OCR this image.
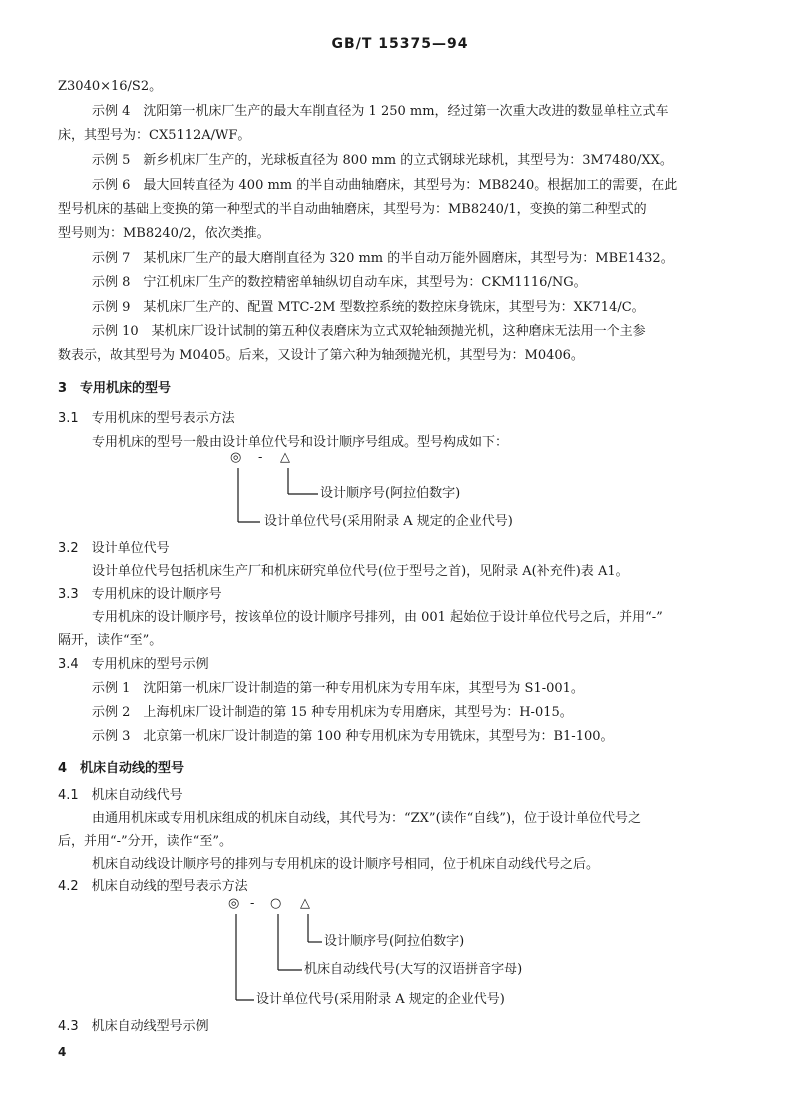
GB/T 15375—94
Z3040×16/S2。
示例 4　沈阳第一机床厂生产的最大车削直径为 1 250 mm，经过第一次重大改进的数显单柱立式车
床，其型号为：CX5112A/WF。
示例 5　新乡机床厂生产的，光球板直径为 800 mm 的立式钢球光球机，其型号为：3M7480/XX。
示例 6　最大回转直径为 400 mm 的半自动曲轴磨床，其型号为：MB8240。根据加工的需要，在此
型号机床的基础上变换的第一种型式的半自动曲轴磨床，其型号为：MB8240/1，变换的第二种型式的
型号则为：MB8240/2，依次类推。
示例 7　某机床厂生产的最大磨削直径为 320 mm 的半自动万能外圆磨床，其型号为：MBE1432。
示例 8　宁江机床厂生产的数控精密单轴纵切自动车床，其型号为：CKM1116/NG。
示例 9　某机床厂生产的、配置 MTC-2M 型数控系统的数控床身铣床，其型号为：XK714/C。
示例 10　某机床厂设计试制的第五种仪表磨床为立式双轮轴颈抛光机，这种磨床无法用一个主参
数表示，故其型号为 M0405。后来，又设计了第六种为轴颈抛光机，其型号为：M0406。
3　专用机床的型号
3.1　专用机床的型号表示方法
专用机床的型号一般由设计单位代号和设计顺序号组成。型号构成如下：
◎ - △
设计顺序号(阿拉伯数字)
设计单位代号(采用附录 A 规定的企业代号)
3.2　设计单位代号
设计单位代号包括机床生产厂和机床研究单位代号(位于型号之首)，见附录 A(补充件)表 A1。
3.3　专用机床的设计顺序号
专用机床的设计顺序号，按该单位的设计顺序号排列，由 001 起始位于设计单位代号之后，并用“-”
隔开，读作“至”。
3.4　专用机床的型号示例
示例 1　沈阳第一机床厂设计制造的第一种专用机床为专用车床，其型号为 S1-001。
示例 2　上海机床厂设计制造的第 15 种专用机床为专用磨床，其型号为：H-015。
示例 3　北京第一机床厂设计制造的第 100 种专用机床为专用铣床，其型号为：B1-100。
4　机床自动线的型号
4.1　机床自动线代号
由通用机床或专用机床组成的机床自动线，其代号为：“ZX”(读作“自线”)，位于设计单位代号之
后，并用“-”分开，读作“至”。
机床自动线设计顺序号的排列与专用机床的设计顺序号相同，位于机床自动线代号之后。
4.2　机床自动线的型号表示方法
◎ - ○ △
设计顺序号(阿拉伯数字)
机床自动线代号(大写的汉语拼音字母)
设计单位代号(采用附录 A 规定的企业代号)
4.3　机床自动线型号示例
4
